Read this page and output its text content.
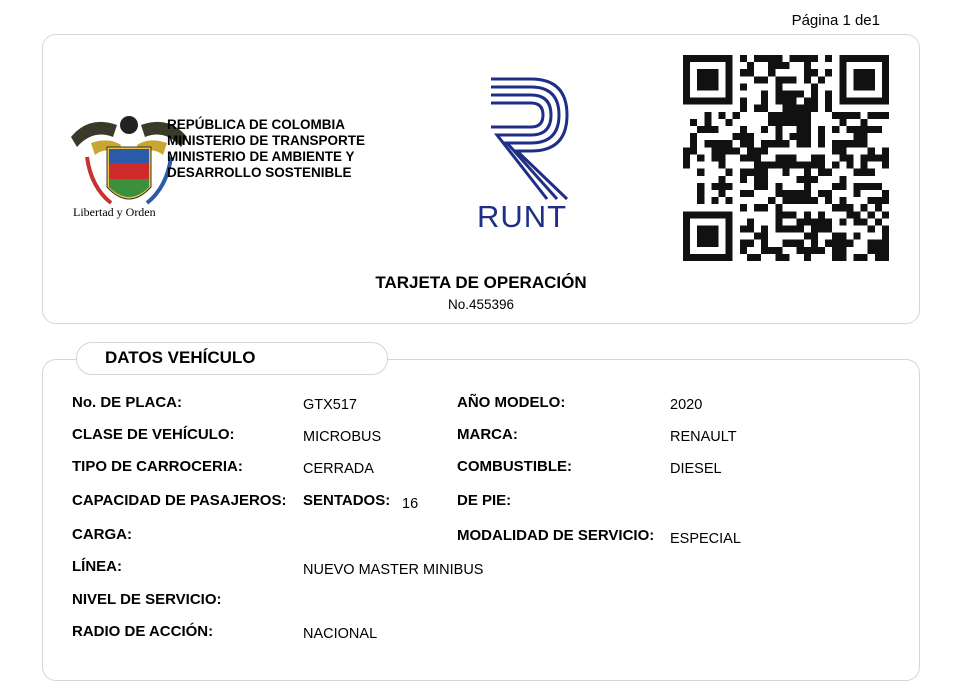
Página 1 de1
Libertad y Orden
REPÚBLICA DE COLOMBIA
MINISTERIO DE TRANSPORTE
MINISTERIO DE AMBIENTE Y
DESARROLLO SOSTENIBLE
RUNT
TARJETA DE OPERACIÓN
No.455396
DATOS VEHÍCULO
No. DE PLACA:
CLASE DE VEHÍCULO:
TIPO DE CARROCERIA:
CAPACIDAD DE PASAJEROS:
CARGA:
LÍNEA:
NIVEL DE SERVICIO:
RADIO DE ACCIÓN:
GTX517
MICROBUS
CERRADA
SENTADOS: 16
NUEVO MASTER MINIBUS
NACIONAL
AÑO MODELO:
MARCA:
COMBUSTIBLE:
DE PIE:
MODALIDAD DE SERVICIO:
2020
RENAULT
DIESEL
ESPECIAL
